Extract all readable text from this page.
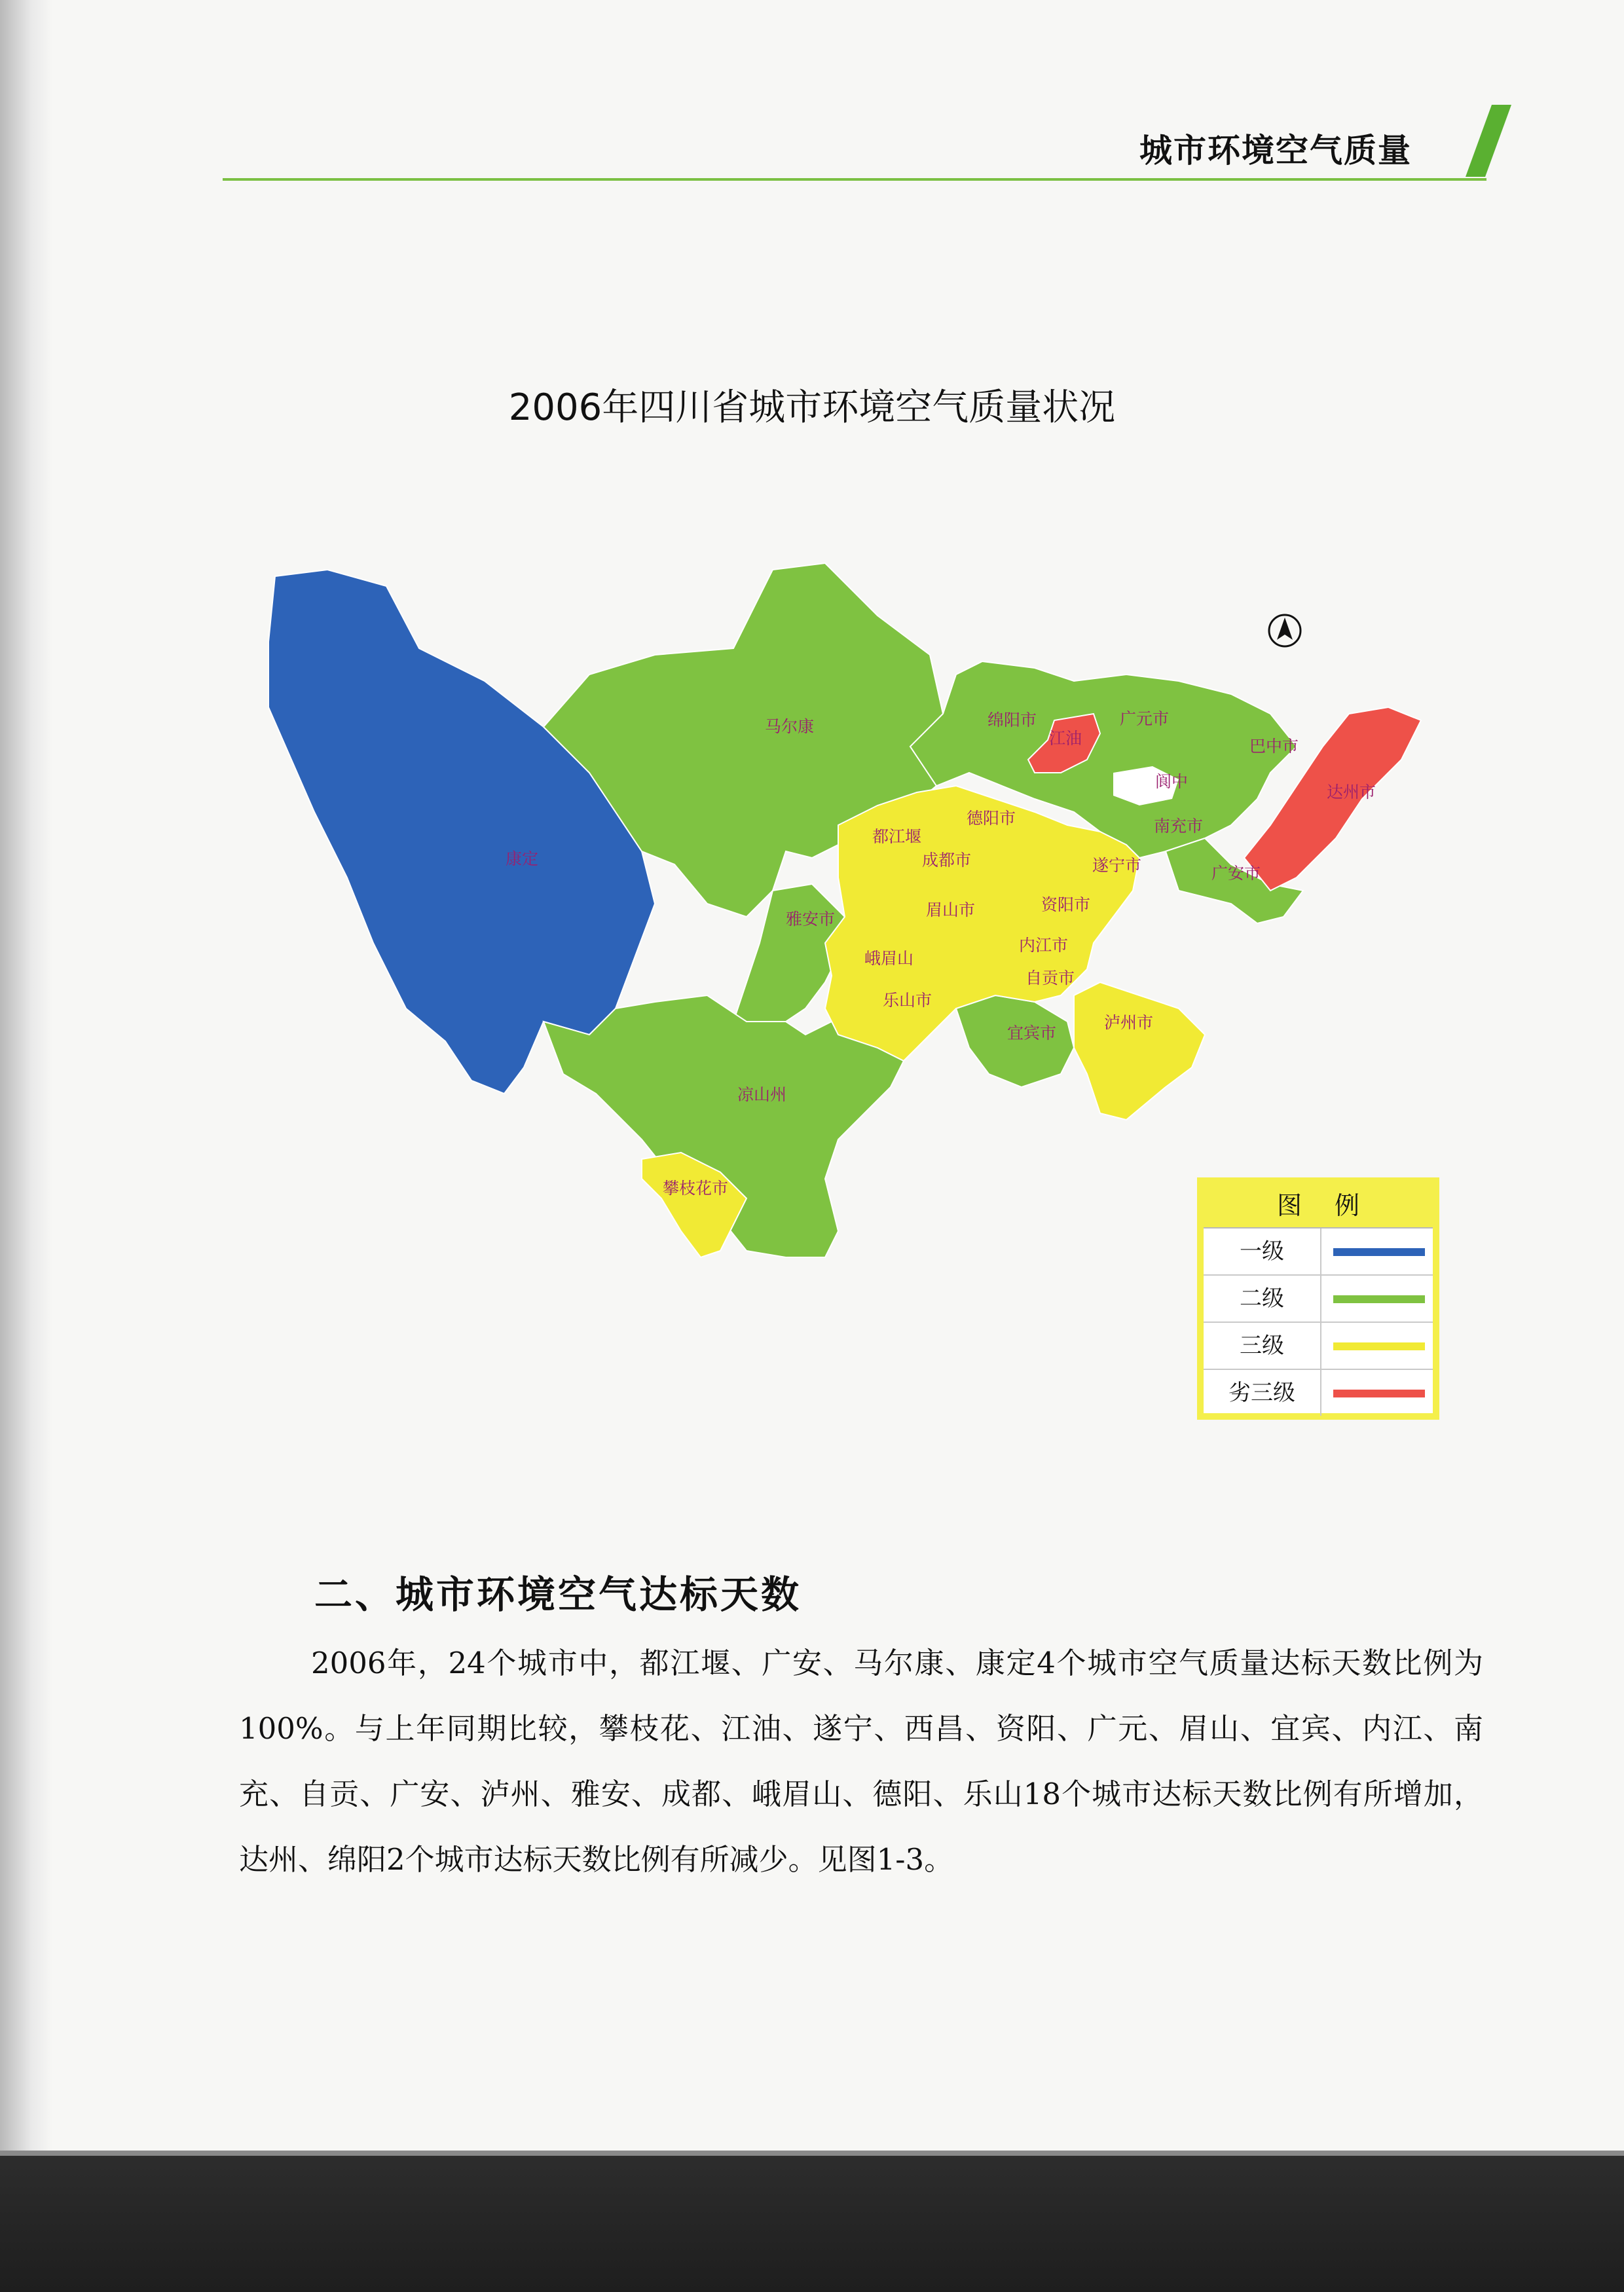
城市环境空气质量
2006年四川省城市环境空气质量状况
康定
马尔康
雅安市
凉山州
攀枝花市
绵阳市
江油
广元市
巴中市
阆中
达州市
南充市
广安市
都江堰
德阳市
成都市	遂宁市
眉山市	资阳市
峨眉山
内江市
自贡市
乐山市
宜宾市
泸州市
图例
一级
二级
三级
劣三级
二、城市环境空气达标天数
2006年，24个城市中，都江堰、广安、马尔康、康定4个城市空气质量达标天数比例为100%。与上年同期比较，攀枝花、江油、遂宁、西昌、资阳、广元、眉山、宜宾、内江、南充、自贡、广安、泸州、雅安、成都、峨眉山、德阳、乐山18个城市达标天数比例有所增加，达州、绵阳2个城市达标天数比例有所减少。见图1-3。
